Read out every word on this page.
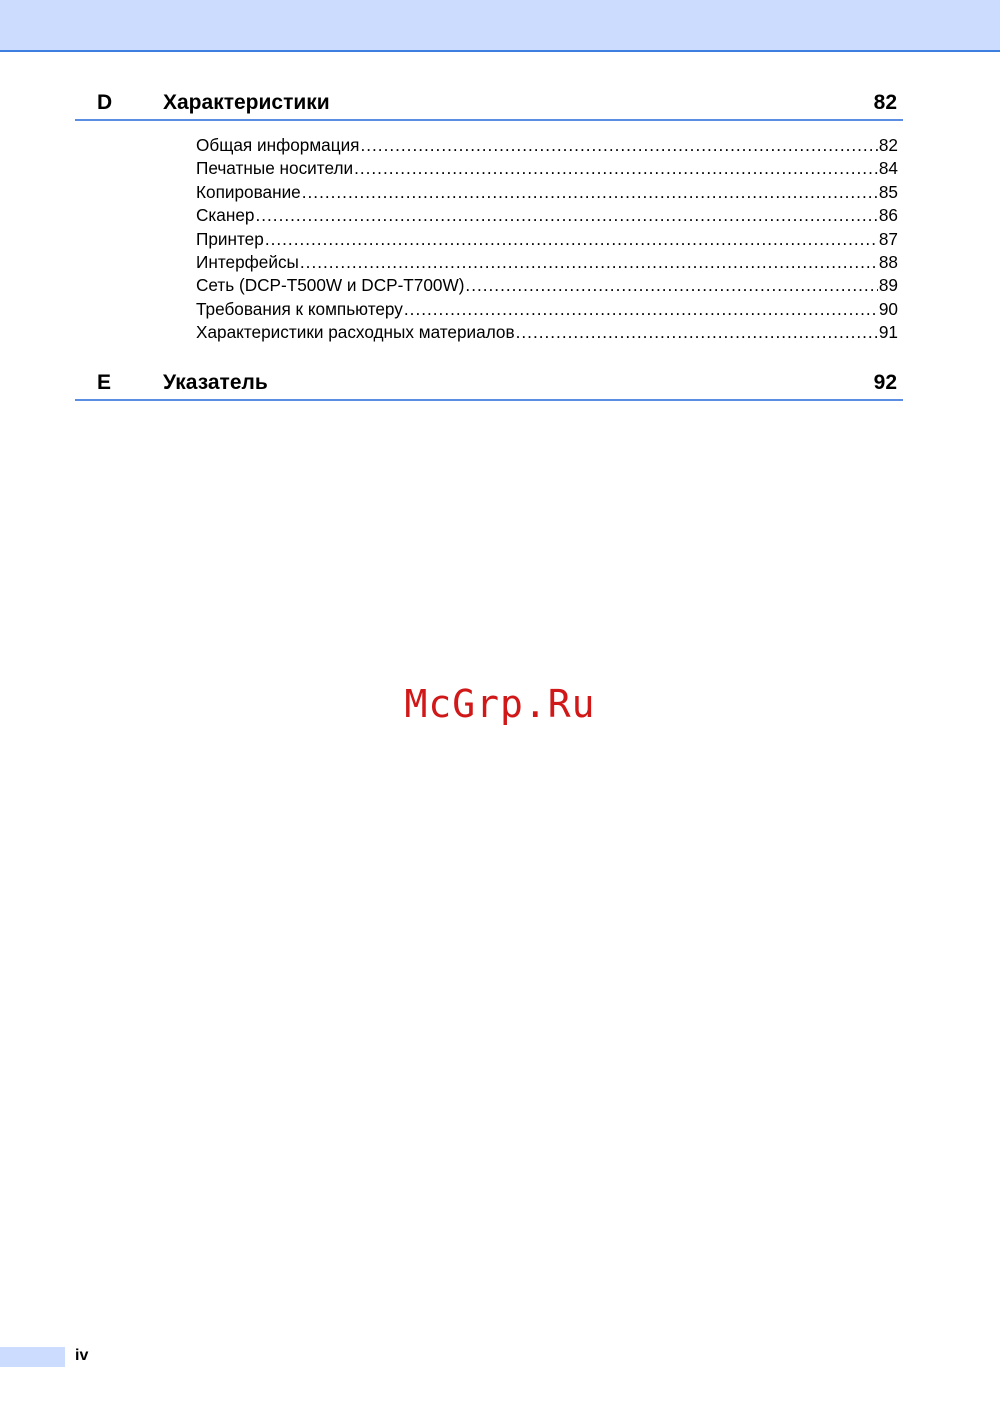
D Характеристики	82
Общая информация .....	82
Печатные носители .....	84
Копирование .....	85
Сканер .....	86
Принтер .....	87
Интерфейсы .....	88
Сеть (DCP-T500W и DCP-T700W) .....	89
Требования к компьютеру .....	90
Характеристики расходных материалов .....	91
E Указатель	92
McGrp.Ru
iv
